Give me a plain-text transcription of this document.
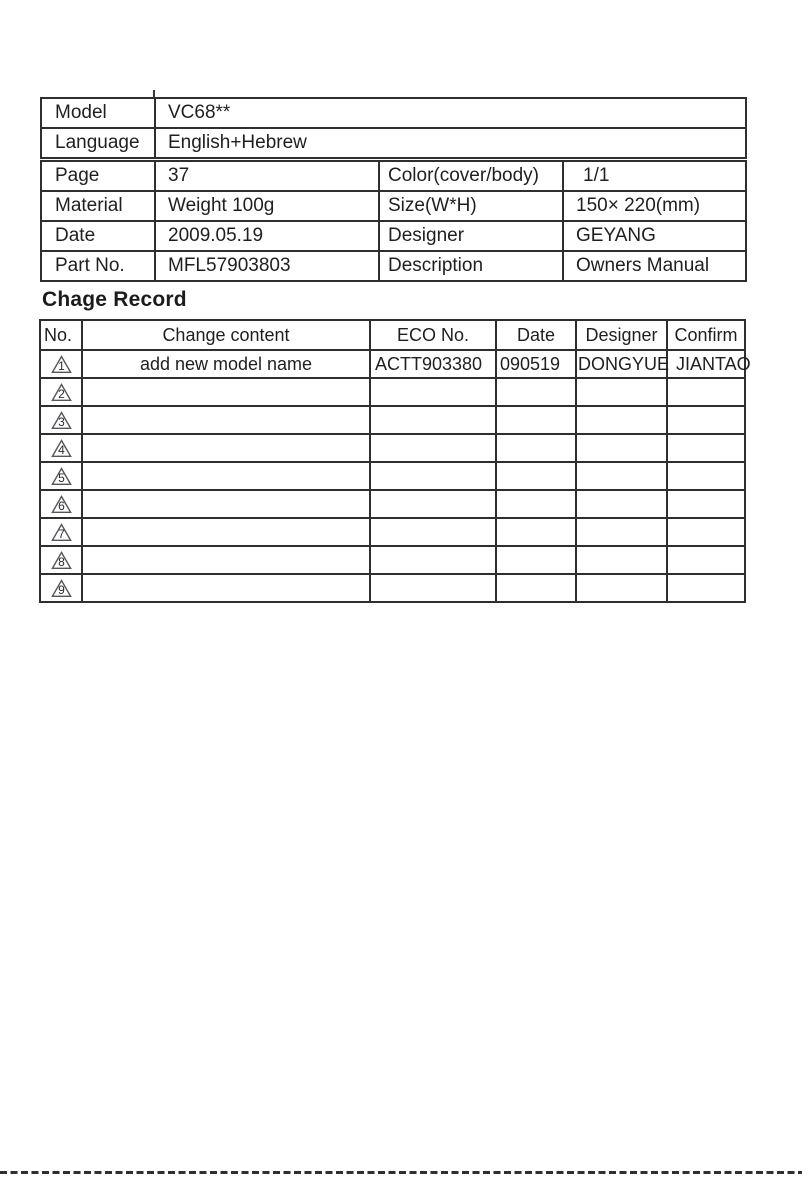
Model	VC68**
Language	English+Hebrew
Page	37	Color(cover/body)	1/1
Material	Weight 100g	Size(W*H)	150× 220(mm)
Date	2009.05.19	Designer	GEYANG
Part No.	MFL57903803	Description	Owners Manual
Chage Record
No.	Change content	ECO No.	Date	Designer	Confirm

1	add new model name	ACTT903380	090519	DONGYUE	JIANTAO

2					

3					

4					

5					

6					

7					

8					

9					
